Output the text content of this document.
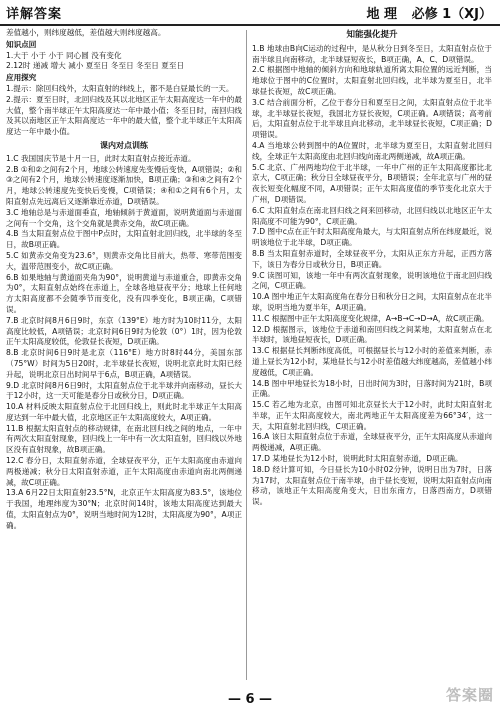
详解答案	地 理 必修 1（XJ）
差值越小，则纬度越低，差值越大则纬度越高。
知识点回
1.大于 小于 小于 同心圆 没有变化
2.12时 递减 增大 减小 夏至日 冬至日 冬至日 夏至日
应用探究
1.提示：除回归线外，太阳直射的纬线上，都不是白昼最长的一天。
2.提示：夏至日时，北回归线及其以北地区正午太阳高度达一年中的最大值，整个南半球正午太阳高度达一年中最小值；冬至日时，南回归线及其以南地区正午太阳高度达一年中的最大值，整个北半球正午太阳高度达一年中最小值。
课内对点训练
1.C 我国国庆节是十月一日，此时太阳直射点接近赤道。
2.B ①和②之间有2个月，地球公转速度先变慢后变快，A项错误；②和③之间有2个月，地球公转速度逐渐加快，B项正确；③和④之间有2个月，地球公转速度先变快后变慢，C项错误；④和①之间有6个月，太阳直射点先远离后又逐渐靠近赤道，D项错误。
3.C 地轴总是与赤道面垂直，地轴倾斜于黄道面，说明黄道面与赤道面之间有一个交角，这个交角就是黄赤交角，故C项正确。
4.B 当太阳直射点位于图中P点时，太阳直射北回归线，北半球的冬至日，故B项正确。
5.C 如黄赤交角变为23.6°，则黄赤交角比目前大，热带、寒带范围变大，温带范围变小，故C项正确。
6.B 如果地轴与黄道面夹角为90°，说明黄道与赤道重合，即黄赤交角为0°，太阳直射点始终在赤道上，全球各地昼夜平分；地球上任何地方太阳高度都不会随季节而变化，没有四季变化，B项正确，C项错误。
7.B 北京时间8月6日9时，东京（139°E）地方时为10时11分，太阳高度比较低，A项错误；北京时间6日9时为伦敦（0°）1时，因为伦敦正午太阳高度较低，伦敦昼长夜短，D项正确。
8.B 北京时间6日9时是北京（116°E）地方时8时44分，美国东部（75°W）时间为5日20时，北半球昼长夜短，说明北京此时太阳已经升起，说明北京日出时间早于6点，B项正确，A项错误。
9.D 北京时间8月6日9时，太阳直射点位于北半球并向南移动，昼长大于12小时，这一天可能是春分日或秋分日，D项正确。
10.A 材料反映太阳直射点位于北回归线上，则此时北半球正午太阳高度达到一年中最大值，北京地区正午太阳高度较大，A项正确。
11.B 根据太阳直射点的移动规律，在南北回归线之间的地点，一年中有两次太阳直射现象，回归线上一年中有一次太阳直射，回归线以外地区没有直射现象，故B项正确。
12.C 春分日，太阳直射赤道，全球昼夜平分，正午太阳高度由赤道向两极递减；秋分日太阳直射赤道，正午太阳高度由赤道向南北两侧递减，故C项正确。
13.A 6月22日太阳直射23.5°N，北京正午太阳高度为83.5°，该地位于我国，地理纬度为30°N；北京时间14时，该地太阳高度达到最大值，太阳直射点为0°，说明当地时间为12时，太阳高度为90°，A项正确。
知能强化提升
1.B 地球由B向C运动的过程中，是从秋分日到冬至日，太阳直射点位于南半球且向南移动，北半球昼短夜长，B项正确，A、C、D项错误。
2.C 根据图中地轴的倾斜方向和地球轨道所离太阳位置的远近判断，当地球位于图中的C位置时，太阳直射北回归线，北半球为夏至日，北半球昼长夜短，故C项正确。
3.C 结合前面分析，乙位于春分日和夏至日之间，太阳直射点位于北半球，北半球昼长夜短，我国北方昼长夜短，C项正确。A项错误；高考前后，太阳直射点位于北半球且向北移动，北半球昼长夜短，C项正确；D项错误。
4.A 当地球公转到图中的A位置时，北半球为夏至日，太阳直射北回归线，全球正午太阳高度由北回归线向南北两侧递减，故A项正确。
5.C 北京、广州两地均位于北半球，一年中广州的正午太阳高度都比北京大，C项正确；秋分日全球昼夜平分，B项错误；全年北京与广州的昼夜长短变化幅度不同，A项错误；正午太阳高度值的季节变化北京大于广州，D项错误。
6.C 太阳直射点在南北回归线之间来回移动，北回归线以北地区正午太阳高度不可能为90°，C项正确。
7.D 图中c点在正午时太阳高度角最大，与太阳直射点所在纬度最近，说明该地位于北半球，D项正确。
8.B 当太阳直射赤道时，全球昼夜平分，太阳从正东方升起，正西方落下，该日为春分日或秋分日，B项正确。
9.C 读图可知，该地一年中有两次直射现象，说明该地位于南北回归线之间，C项正确。
10.A 图中地正午太阳高度角在春分日和秋分日之间，太阳直射点在北半球，说明当地为夏半年，A项正确。
11.C 根据图中正午太阳高度变化规律，A→B→C→D→A，故C项正确。
12.D 根据图示，该地位于赤道和南回归线之间某地，太阳直射点在北半球时，该地昼短夜长，D项正确。
13.C 根据昼长判断纬度高低，可根据昼长与12小时的差值来判断，赤道上昼长为12小时，某地昼长与12小时差值越大纬度越高，差值越小纬度越低，C项正确。
14.B 图中甲地昼长为18小时，日出时间为3时，日落时间为21时，B项正确。
15.C 若乙地为北京，由图可知北京昼长大于12小时，此时太阳直射北半球，正午太阳高度较大，南北两地正午太阳高度差为66°34′，这一天，太阳直射北回归线，C项正确。
16.A 该日太阳直射点位于赤道，全球昼夜平分，正午太阳高度从赤道向两极递减，A项正确。
17.D 某地昼长为12小时，说明此时太阳直射赤道，D项正确。
18.D 经计算可知，今日昼长为10小时02分钟，说明日出为7时，日落为17时，太阳直射点位于南半球，由于昼长变短，说明太阳直射点向南移动，该地正午太阳高度角变大，日出东南方，日落西南方，D项错误。
— 6 —	答案圈
